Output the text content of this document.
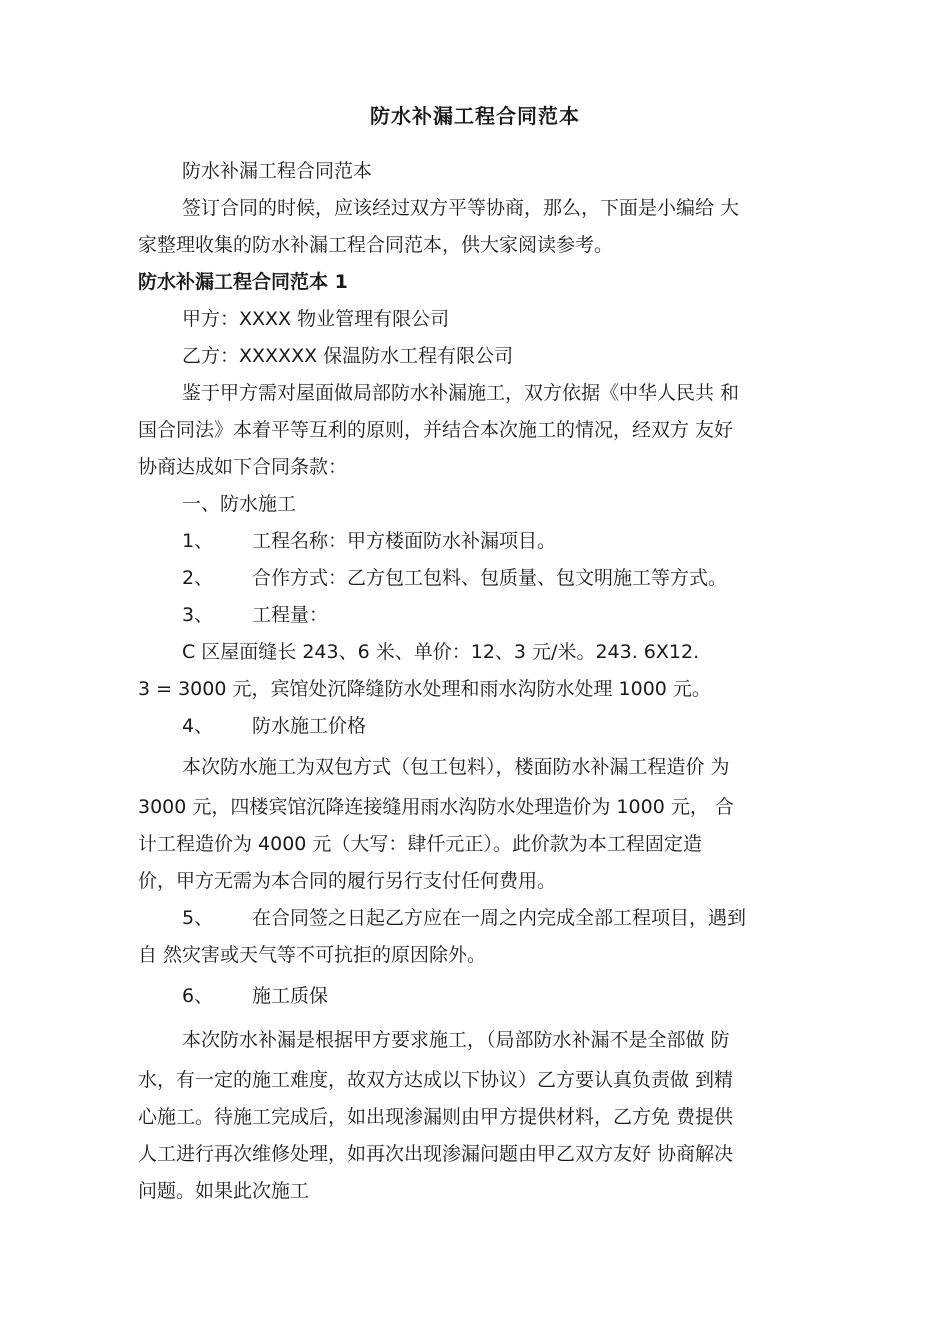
防水补漏工程合同范本
防水补漏工程合同范本
签订合同的时候，应该经过双方平等协商，那么，下面是小编给 大
家整理收集的防水补漏工程合同范本，供大家阅读参考。
防水补漏工程合同范本 1
甲方：XXXX 物业管理有限公司
乙方：XXXXXX 保温防水工程有限公司
鉴于甲方需对屋面做局部防水补漏施工，双方依据《中华人民共 和
国合同法》本着平等互利的原则，并结合本次施工的情况，经双方 友好
协商达成如下合同条款：
一、防水施工
1、 工程名称：甲方楼面防水补漏项目。
2、 合作方式：乙方包工包料、包质量、包文明施工等方式。
3、 工程量：
C 区屋面缝长 243、6 米、单价：12、3 元/米。243. 6X12.
3 = 3000 元，宾馆处沉降缝防水处理和雨水沟防水处理 1000 元。
4、 防水施工价格
本次防水施工为双包方式（包工包料），楼面防水补漏工程造价 为
3000 元，四楼宾馆沉降连接缝用雨水沟防水处理造价为 1000 元， 合
计工程造价为 4000 元（大写：肆仟元正）。此价款为本工程固定造
价，甲方无需为本合同的履行另行支付任何费用。
5、 在合同签之日起乙方应在一周之内完成全部工程项目，遇到
自 然灾害或天气等不可抗拒的原因除外。
6、 施工质保
本次防水补漏是根据甲方要求施工，（局部防水补漏不是全部做 防
水，有一定的施工难度，故双方达成以下协议）乙方要认真负责做 到精
心施工。待施工完成后，如出现渗漏则由甲方提供材料，乙方免 费提供
人工进行再次维修处理，如再次出现渗漏问题由甲乙双方友好 协商解决
问题。如果此次施工
